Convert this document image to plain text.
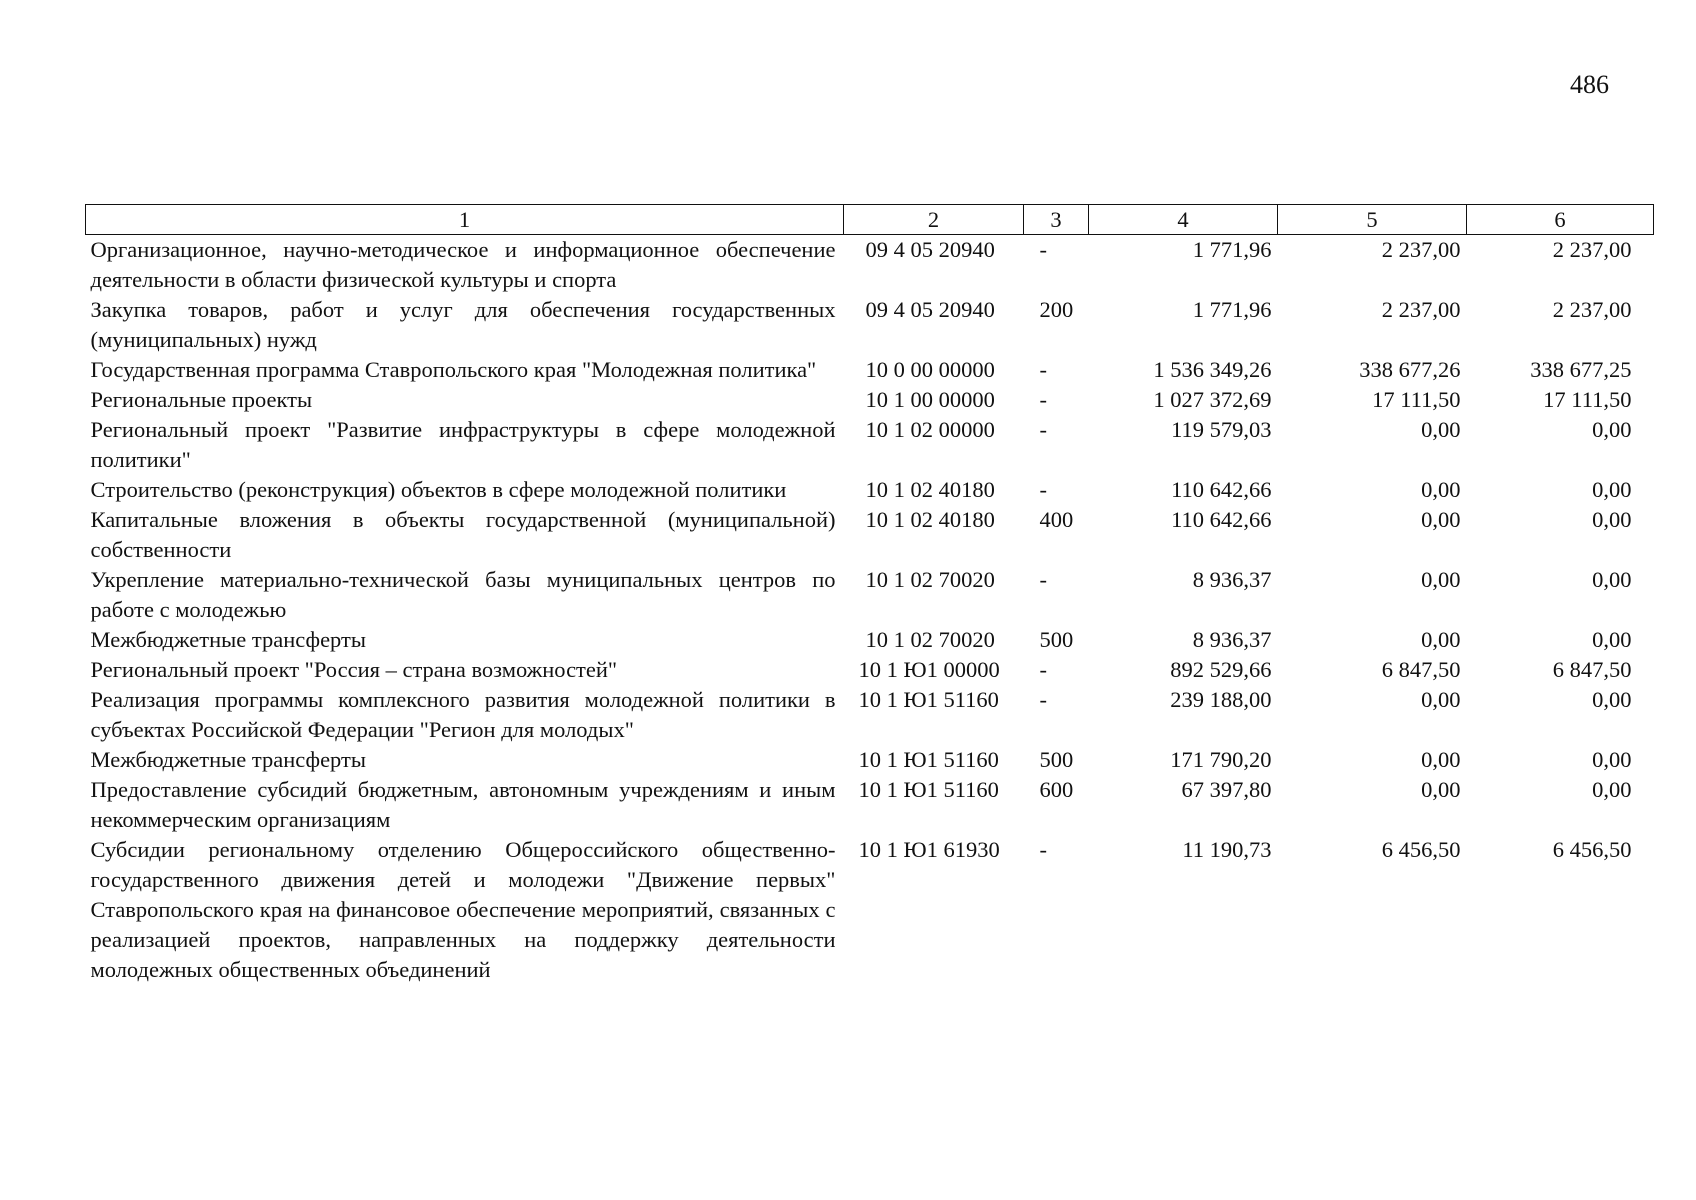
486
1	2	3	4	5	6
Организационное, научно-методическое и информационное обеспечение деятельности в области физической культуры и спорта	09 4 05 20940	-	1 771,96	2 237,00	2 237,00
Закупка товаров, работ и услуг для обеспечения государственных (муниципальных) нужд	09 4 05 20940	200	1 771,96	2 237,00	2 237,00
Государственная программа Ставропольского края "Молодежная политика"	10 0 00 00000	-	1 536 349,26	338 677,26	338 677,25
Региональные проекты	10 1 00 00000	-	1 027 372,69	17 111,50	17 111,50
Региональный проект "Развитие инфраструктуры в сфере молодежной политики"	10 1 02 00000	-	119 579,03	0,00	0,00
Строительство (реконструкция) объектов в сфере молодежной политики	10 1 02 40180	-	110 642,66	0,00	0,00
Капитальные вложения в объекты государственной (муниципальной) собственности	10 1 02 40180	400	110 642,66	0,00	0,00
Укрепление материально-технической базы муниципальных центров по работе с молодежью	10 1 02 70020	-	8 936,37	0,00	0,00
Межбюджетные трансферты	10 1 02 70020	500	8 936,37	0,00	0,00
Региональный проект "Россия – страна возможностей"	10 1 Ю1 00000	-	892 529,66	6 847,50	6 847,50
Реализация программы комплексного развития молодежной политики в субъектах Российской Федерации "Регион для молодых"	10 1 Ю1 51160	-	239 188,00	0,00	0,00
Межбюджетные трансферты	10 1 Ю1 51160	500	171 790,20	0,00	0,00
Предоставление субсидий бюджетным, автономным учреждениям и иным некоммерческим организациям	10 1 Ю1 51160	600	67 397,80	0,00	0,00
Субсидии региональному отделению Общероссийского общественно-государственного движения детей и молодежи "Движение первых" Ставропольского края на финансовое обеспечение мероприятий, связанных с реализацией проектов, направленных на поддержку деятельности молодежных общественных объединений	10 1 Ю1 61930	-	11 190,73	6 456,50	6 456,50
